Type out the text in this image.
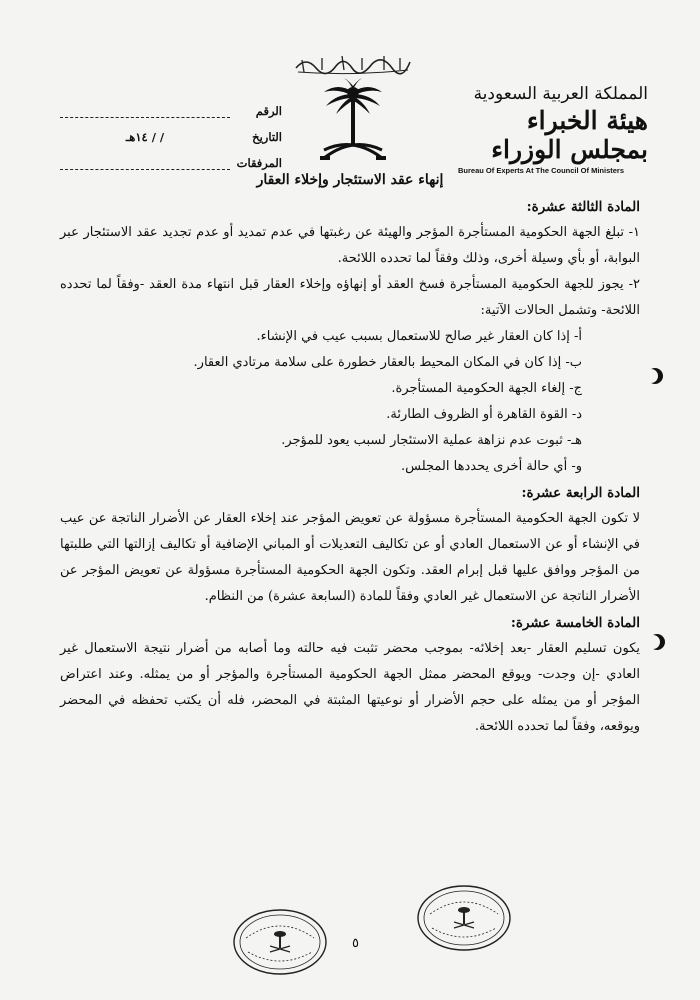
المملكة العربية السعودية
هيئة الخبراء بمجلس الوزراء
Bureau Of Experts At The Council Of Ministers
الرقم
التاريخ
/ / ١٤هـ
المرفقات
إنهاء عقد الاستئجار وإخلاء العقار
المادة الثالثة عشرة:
١- تبلغ الجهة الحكومية المستأجرة المؤجر والهيئة عن رغبتها في عدم تمديد أو عدم تجديد عقد الاستئجار عبر البوابة، أو بأي وسيلة أخرى، وذلك وفقاً لما تحدده اللائحة.
٢- يجوز للجهة الحكومية المستأجرة فسخ العقد أو إنهاؤه وإخلاء العقار قبل انتهاء مدة العقد -وفقاً لما تحدده اللائحة- وتشمل الحالات الآتية:
أ- إذا كان العقار غير صالح للاستعمال بسبب عيب في الإنشاء.
ب- إذا كان في المكان المحيط بالعقار خطورة على سلامة مرتادي العقار.
ج- إلغاء الجهة الحكومية المستأجرة.
د- القوة القاهرة أو الظروف الطارئة.
هـ- ثبوت عدم نزاهة عملية الاستئجار لسبب يعود للمؤجر.
و- أي حالة أخرى يحددها المجلس.
المادة الرابعة عشرة:
لا تكون الجهة الحكومية المستأجرة مسؤولة عن تعويض المؤجر عند إخلاء العقار عن الأضرار الناتجة عن عيب في الإنشاء أو عن الاستعمال العادي أو عن تكاليف التعديلات أو المباني الإضافية أو تكاليف إزالتها التي طلبتها من المؤجر ووافق عليها قبل إبرام العقد. وتكون الجهة الحكومية المستأجرة مسؤولة عن تعويض المؤجر عن الأضرار الناتجة عن الاستعمال غير العادي وفقاً للمادة (السابعة عشرة) من النظام.
المادة الخامسة عشرة:
يكون تسليم العقار -بعد إخلائه- بموجب محضر تثبت فيه حالته وما أصابه من أضرار نتيجة الاستعمال غير العادي -إن وجدت- ويوقع المحضر ممثل الجهة الحكومية المستأجرة والمؤجر أو من يمثله. وعند اعتراض المؤجر أو من يمثله على حجم الأضرار أو نوعيتها المثبتة في المحضر، فله أن يكتب تحفظه في المحضر ويوقعه، وفقاً لما تحدده اللائحة.
٥
